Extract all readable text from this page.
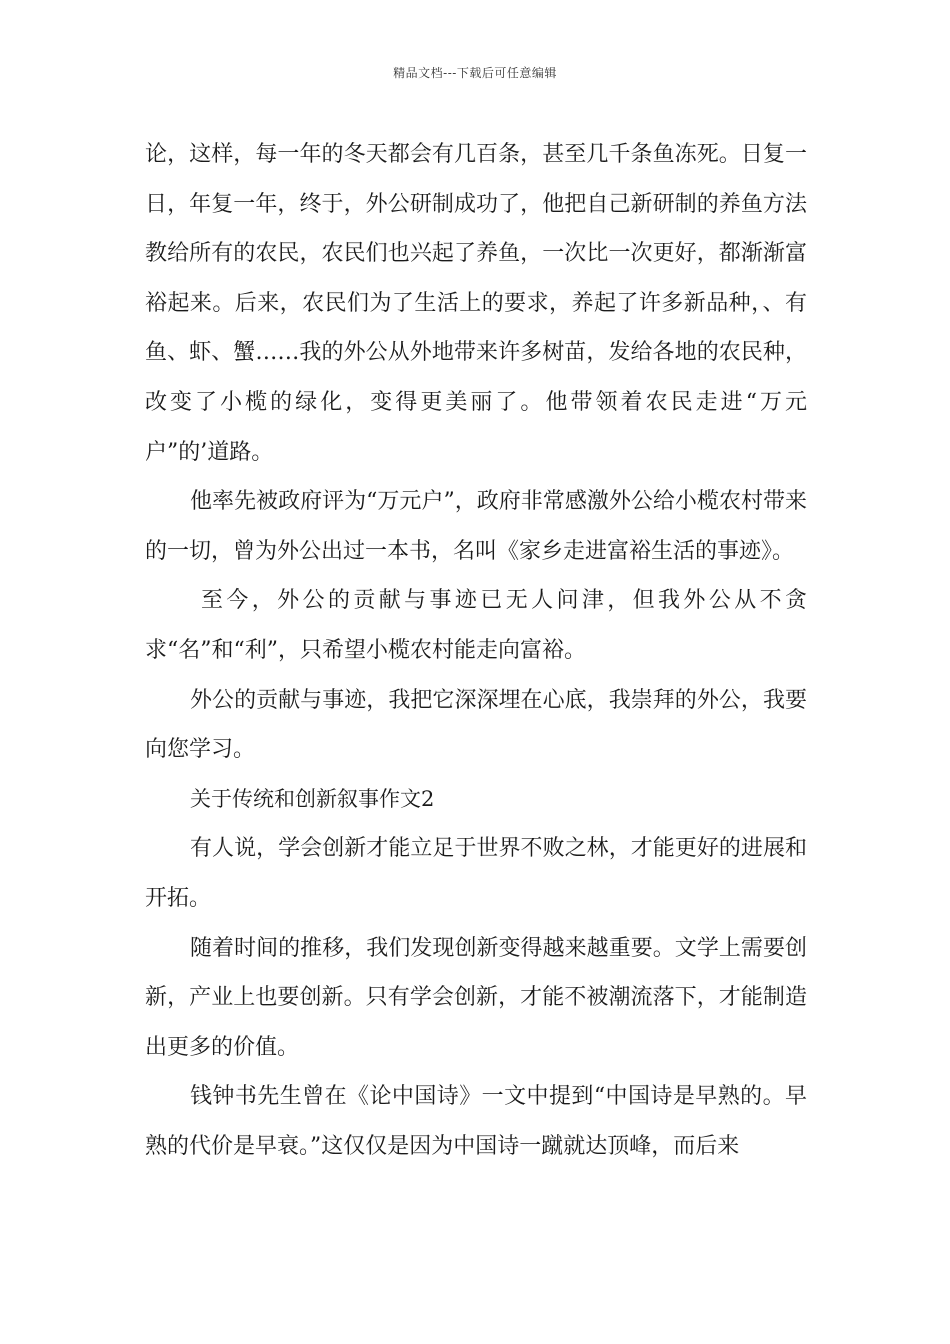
精品文档---下载后可任意编辑

论，这样，每一年的冬天都会有几百条，甚至几千条鱼冻死。日复一日，年复一年，终于，外公研制成功了，他把自己新研制的养鱼方法教给所有的农民，农民们也兴起了养鱼，一次比一次更好，都渐渐富裕起来。后来，农民们为了生活上的要求，养起了许多新品种，、有鱼、虾、蟹……我的外公从外地带来许多树苗，发给各地的农民种，改变了小榄的绿化，变得更美丽了。他带领着农民走进“万元户”的’道路。

他率先被政府评为“万元户”，政府非常感激外公给小榄农村带来的一切，曾为外公出过一本书，名叫《家乡走进富裕生活的事迹》。

至今，外公的贡献与事迹已无人问津，但我外公从不贪求“名”和“利”，只希望小榄农村能走向富裕。

外公的贡献与事迹，我把它深深埋在心底，我崇拜的外公，我要向您学习。

关于传统和创新叙事作文2

有人说，学会创新才能立足于世界不败之林，才能更好的进展和开拓。

随着时间的推移，我们发现创新变得越来越重要。文学上需要创新，产业上也要创新。只有学会创新，才能不被潮流落下，才能制造出更多的价值。

钱钟书先生曾在《论中国诗》一文中提到“中国诗是早熟的。早熟的代价是早衰。”这仅仅是因为中国诗一蹴就达顶峰，而后来
